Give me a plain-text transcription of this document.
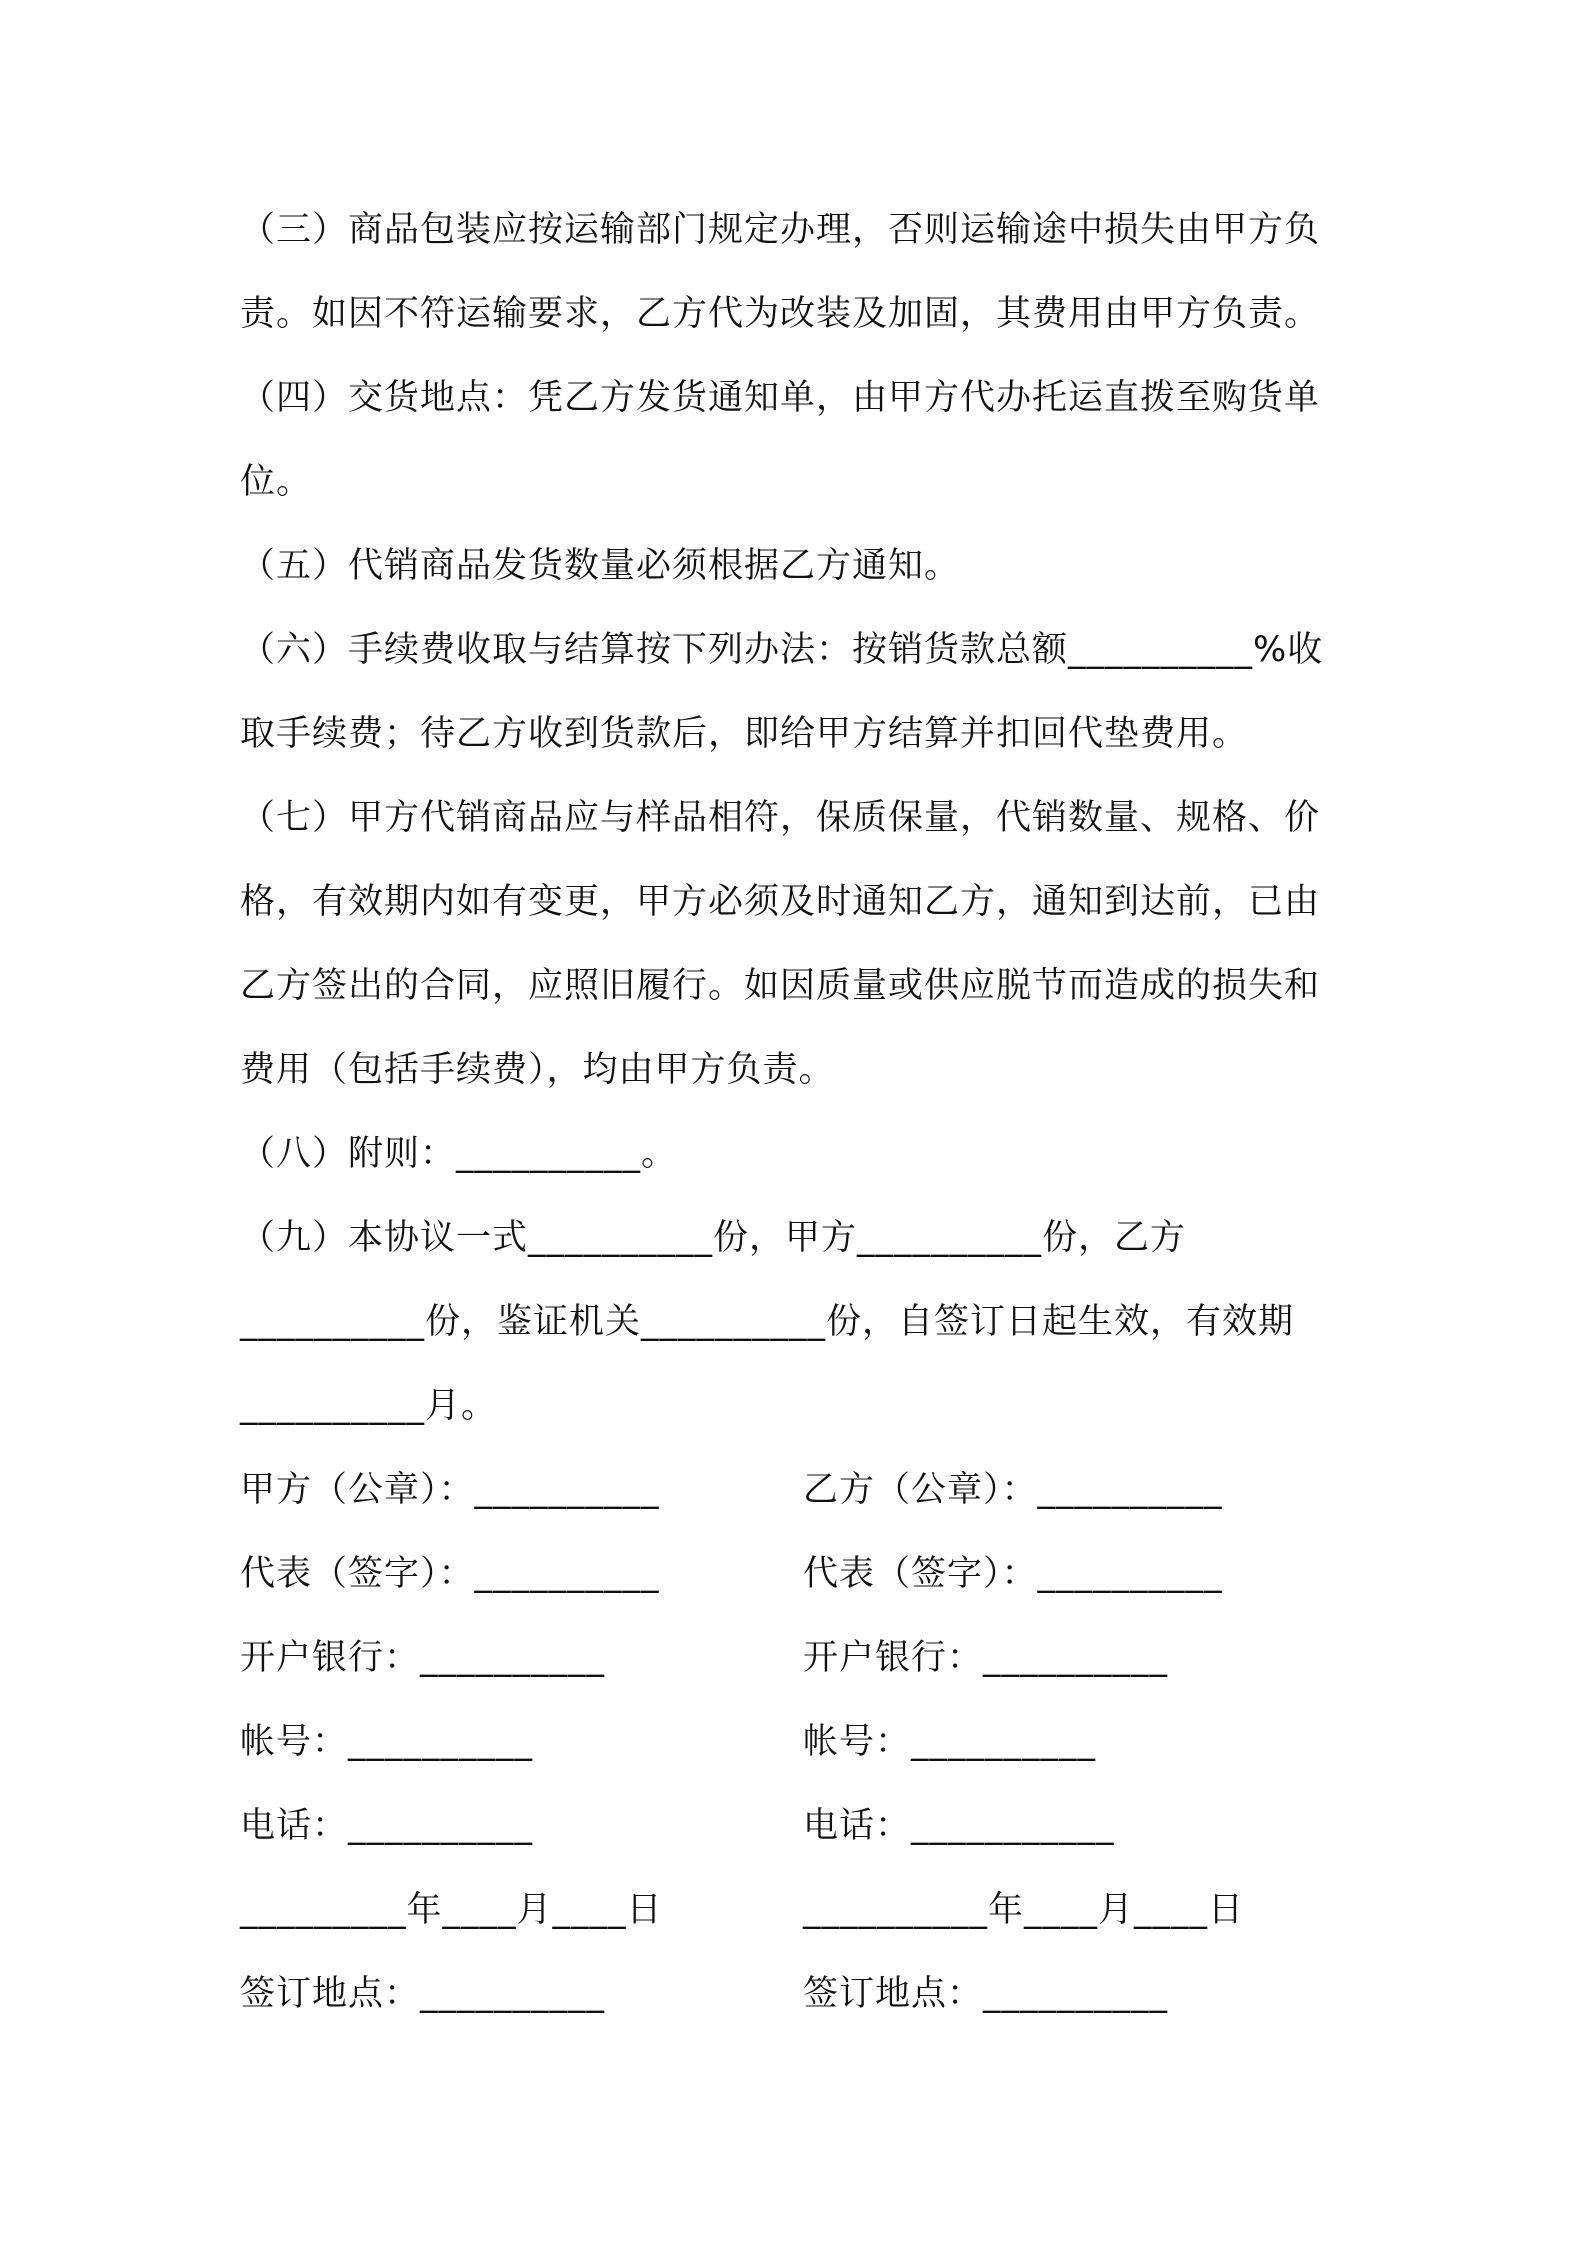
（三）商品包装应按运输部门规定办理，否则运输途中损失由甲方负
责。如因不符运输要求，乙方代为改装及加固，其费用由甲方负责。
（四）交货地点：凭乙方发货通知单，由甲方代办托运直拨至购货单
位。
（五）代销商品发货数量必须根据乙方通知。
（六）手续费收取与结算按下列办法：按销货款总额__________%收
取手续费；待乙方收到货款后，即给甲方结算并扣回代垫费用。
（七）甲方代销商品应与样品相符，保质保量，代销数量、规格、价
格，有效期内如有变更，甲方必须及时通知乙方，通知到达前，已由
乙方签出的合同，应照旧履行。如因质量或供应脱节而造成的损失和
费用（包括手续费），均由甲方负责。
（八）附则：__________。
（九）本协议一式__________份，甲方__________份，乙方
__________份，鉴证机关__________份，自签订日起生效，有效期
__________月。
甲方（公章）：__________	乙方（公章）：__________
代表（签字）：__________	代表（签字）：__________
开户银行：__________	开户银行：__________
帐号：__________	帐号：__________
电话：__________	电话：___________
_________年____月____日	__________年____月____日
签订地点：__________	签订地点：__________
